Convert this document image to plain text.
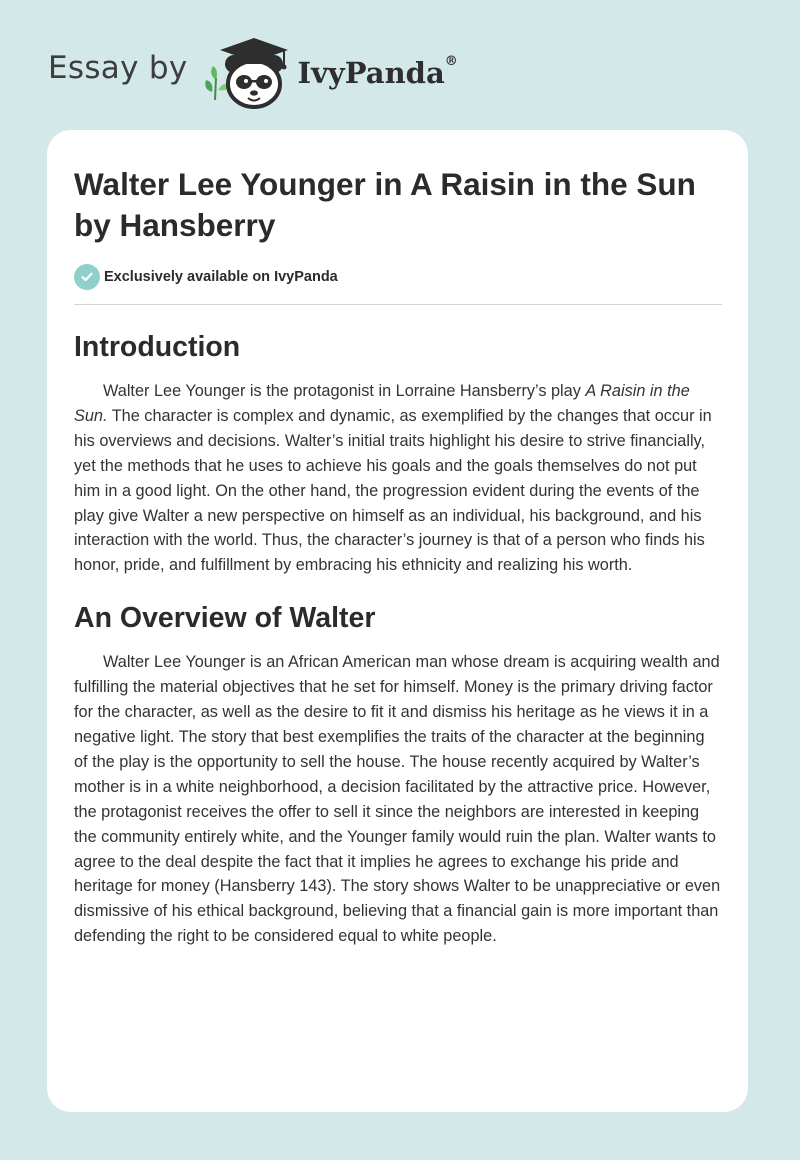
Essay by	IvyPanda®
Walter Lee Younger in A Raisin in the Sun by Hansberry
Exclusively available on IvyPanda
Introduction

Walter Lee Younger is the protagonist in Lorraine Hansberry’s play A Raisin in the Sun. The character is complex and dynamic, as exemplified by the changes that occur in his overviews and decisions. Walter’s initial traits highlight his desire to strive financially, yet the methods that he uses to achieve his goals and the goals themselves do not put him in a good light. On the other hand, the progression evident during the events of the play give Walter a new perspective on himself as an individual, his background, and his interaction with the world. Thus, the character’s journey is that of a person who finds his honor, pride, and fulfillment by embracing his ethnicity and realizing his worth.

An Overview of Walter

Walter Lee Younger is an African American man whose dream is acquiring wealth and fulfilling the material objectives that he set for himself. Money is the primary driving factor for the character, as well as the desire to fit it and dismiss his heritage as he views it in a negative light. The story that best exemplifies the traits of the character at the beginning of the play is the opportunity to sell the house. The house recently acquired by Walter’s mother is in a white neighborhood, a decision facilitated by the attractive price. However, the protagonist receives the offer to sell it since the neighbors are interested in keeping the community entirely white, and the Younger family would ruin the plan. Walter wants to agree to the deal despite the fact that it implies he agrees to exchange his pride and heritage for money (Hansberry 143). The story shows Walter to be unappreciative or even dismissive of his ethical background, believing that a financial gain is more important than defending the right to be considered equal to white people.
